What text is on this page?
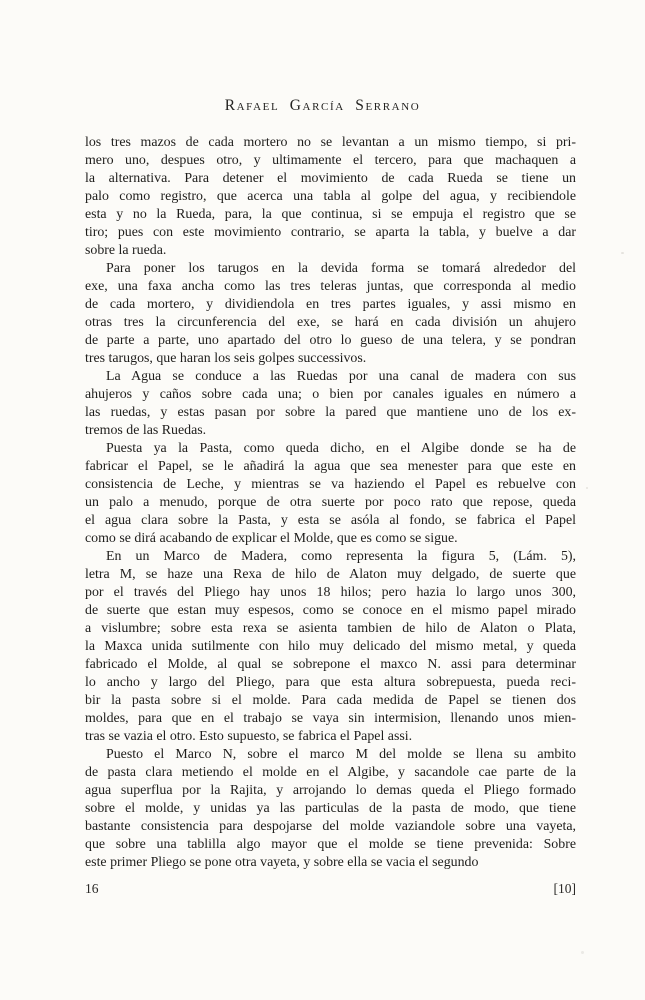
Rafael García Serrano
los tres mazos de cada mortero no se levantan a un mismo tiempo, si pri-
mero uno, despues otro, y ultimamente el tercero, para que machaquen a
la alternativa. Para detener el movimiento de cada Rueda se tiene un
palo como registro, que acerca una tabla al golpe del agua, y recibiendole
esta y no la Rueda, para, la que continua, si se empuja el registro que se
tiro; pues con este movimiento contrario, se aparta la tabla, y buelve a dar
sobre la rueda.
Para poner los tarugos en la devida forma se tomará alrededor del
exe, una faxa ancha como las tres teleras juntas, que corresponda al medio
de cada mortero, y dividiendola en tres partes iguales, y assi mismo en
otras tres la circunferencia del exe, se hará en cada división un ahujero
de parte a parte, uno apartado del otro lo gueso de una telera, y se pondran
tres tarugos, que haran los seis golpes successivos.
La Agua se conduce a las Ruedas por una canal de madera con sus
ahujeros y caños sobre cada una; o bien por canales iguales en número a
las ruedas, y estas pasan por sobre la pared que mantiene uno de los ex-
tremos de las Ruedas.
Puesta ya la Pasta, como queda dicho, en el Algibe donde se ha de
fabricar el Papel, se le añadirá la agua que sea menester para que este en
consistencia de Leche, y mientras se va haziendo el Papel es rebuelve con
un palo a menudo, porque de otra suerte por poco rato que repose, queda
el agua clara sobre la Pasta, y esta se asóla al fondo, se fabrica el Papel
como se dirá acabando de explicar el Molde, que es como se sigue.
En un Marco de Madera, como representa la figura 5, (Lám. 5),
letra M, se haze una Rexa de hilo de Alaton muy delgado, de suerte que
por el través del Pliego hay unos 18 hilos; pero hazia lo largo unos 300,
de suerte que estan muy espesos, como se conoce en el mismo papel mirado
a vislumbre; sobre esta rexa se asienta tambien de hilo de Alaton o Plata,
la Maxca unida sutilmente con hilo muy delicado del mismo metal, y queda
fabricado el Molde, al qual se sobrepone el maxco N. assi para determinar
lo ancho y largo del Pliego, para que esta altura sobrepuesta, pueda reci-
bir la pasta sobre si el molde. Para cada medida de Papel se tienen dos
moldes, para que en el trabajo se vaya sin intermision, llenando unos mien-
tras se vazia el otro. Esto supuesto, se fabrica el Papel assi.
Puesto el Marco N, sobre el marco M del molde se llena su ambito
de pasta clara metiendo el molde en el Algibe, y sacandole cae parte de la
agua superflua por la Rajita, y arrojando lo demas queda el Pliego formado
sobre el molde, y unidas ya las particulas de la pasta de modo, que tiene
bastante consistencia para despojarse del molde vaziandole sobre una vayeta,
que sobre una tablilla algo mayor que el molde se tiene prevenida: Sobre
este primer Pliego se pone otra vayeta, y sobre ella se vacia el segundo
16	[10]
